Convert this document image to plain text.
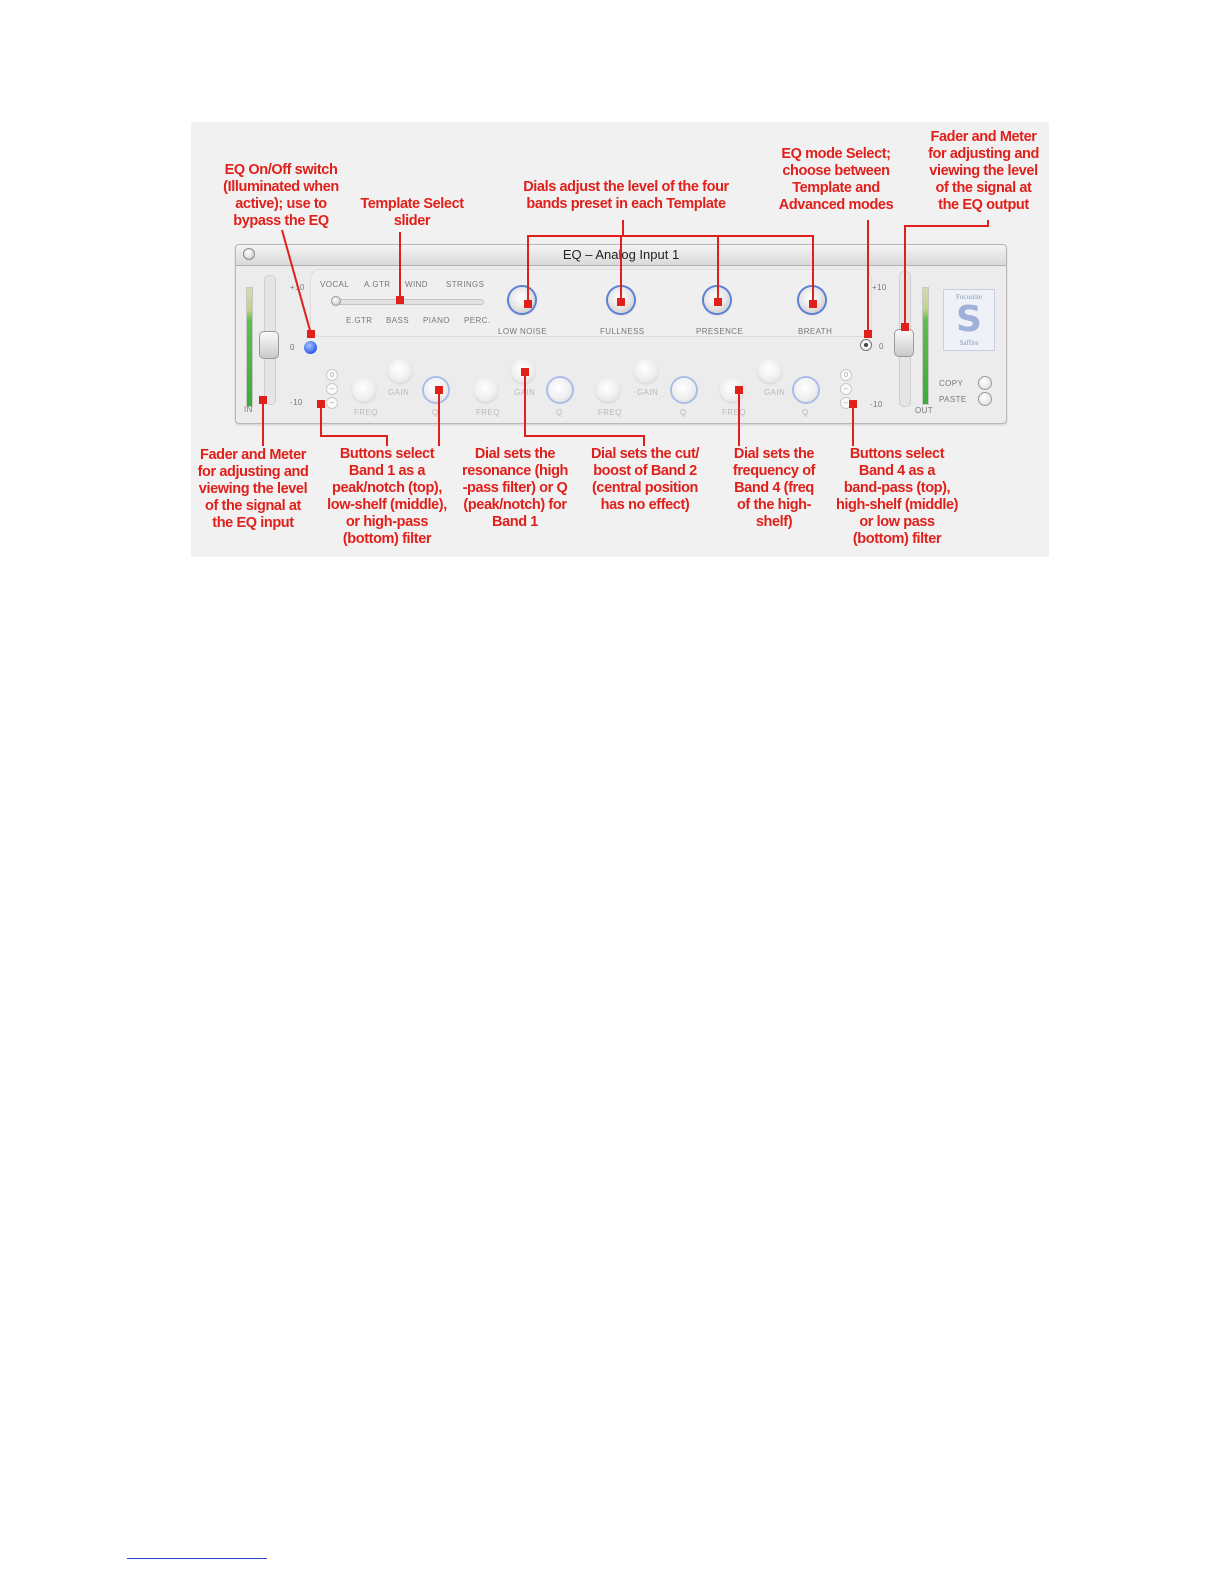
EQ On/Off switch
(Illuminated when
active); use to
bypass the EQ
Template Select
slider
Dials adjust the level of the four
bands preset in each Template
EQ mode Select;
choose between
Template and
Advanced modes
Fader and Meter
for adjusting and
viewing the level
of the signal at
the EQ output
Fader and Meter
for adjusting and
viewing the level
of the signal at
the EQ input
Buttons select
Band 1 as a
peak/notch (top),
low-shelf (middle),
or high-pass
(bottom) filter
Dial sets the
resonance (high
-pass filter) or Q
(peak/notch) for
Band 1
Dial sets the cut/
boost of Band 2
(central position
has no effect)
Dial sets the
frequency of
Band 4 (freq
of the high-
shelf)
Buttons select
Band 4 as a
band-pass (top),
high-shelf (middle)
or low pass
(bottom) filter
EQ – Analog Input 1
IN
+10
0
-10
VOCAL A.GTR WIND STRINGS
E.GTR BASS PIANO PERC.
LOW NOISE	FULLNESS	PRESENCE	BREATH
0
0
−
−
FREQ
GAIN
Q	FREQ
GAIN
Q	FREQ
GAIN
Q	FREQ
GAIN
Q
0
−
−
+10
-10
OUT
Focusrite
S
Saffire
COPY
PASTE
